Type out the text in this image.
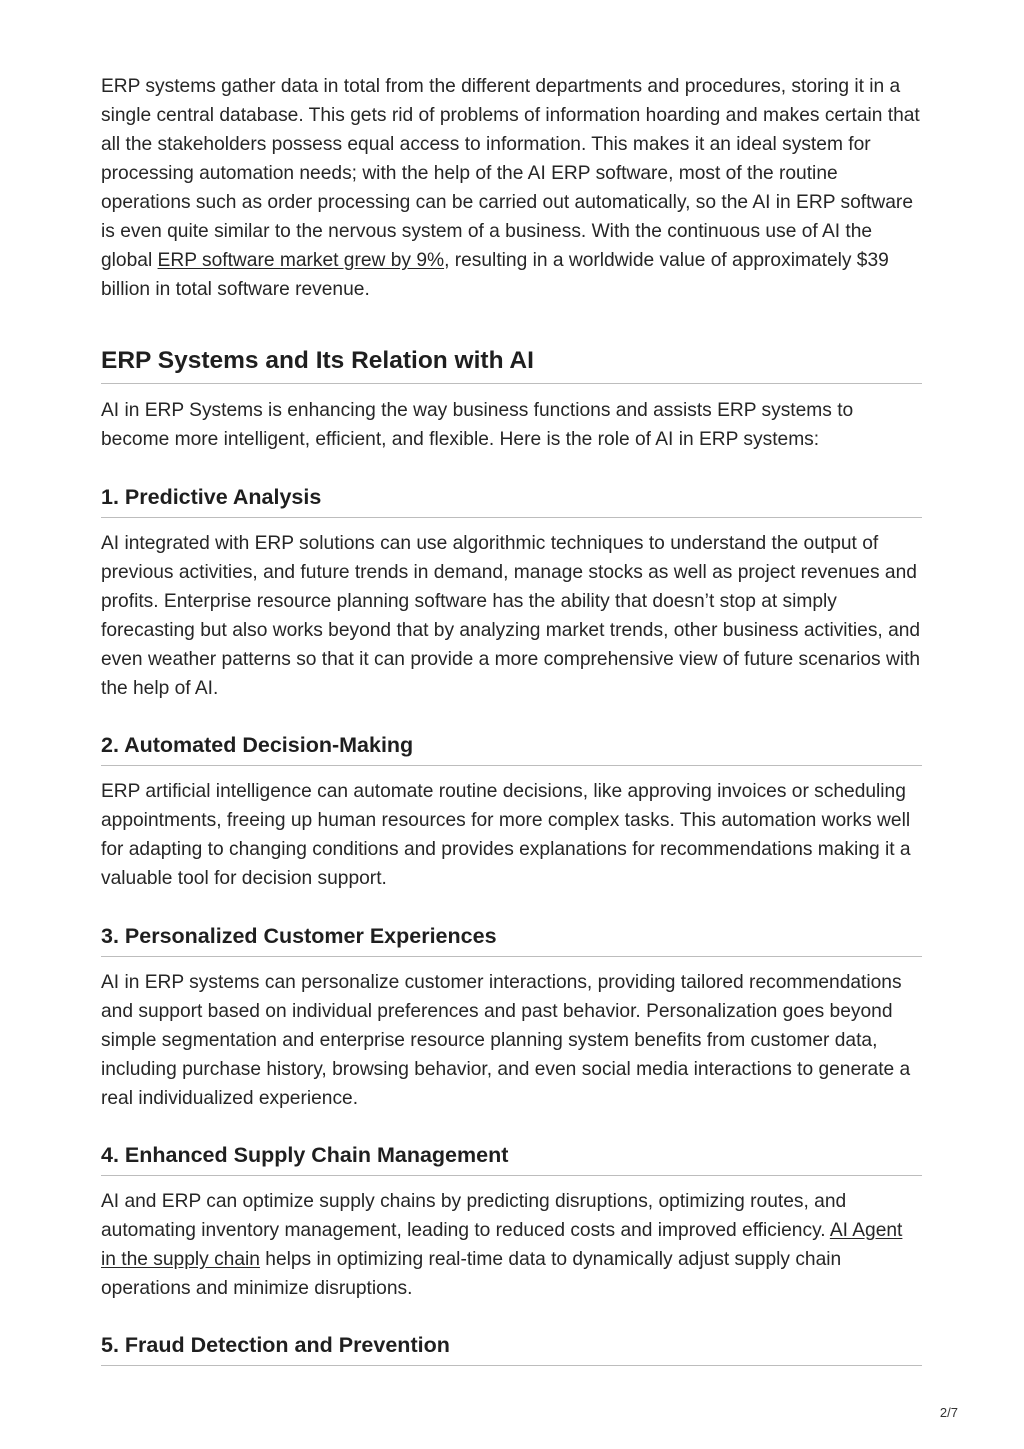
ERP systems gather data in total from the different departments and procedures, storing it in a single central database. This gets rid of problems of information hoarding and makes certain that all the stakeholders possess equal access to information. This makes it an ideal system for processing automation needs; with the help of the AI ERP software, most of the routine operations such as order processing can be carried out automatically, so the AI in ERP software is even quite similar to the nervous system of a business. With the continuous use of AI the global ERP software market grew by 9%, resulting in a worldwide value of approximately $39 billion in total software revenue.

ERP Systems and Its Relation with AI

AI in ERP Systems is enhancing the way business functions and assists ERP systems to become more intelligent, efficient, and flexible. Here is the role of AI in ERP systems:

1. Predictive Analysis

AI integrated with ERP solutions can use algorithmic techniques to understand the output of previous activities, and future trends in demand, manage stocks as well as project revenues and profits. Enterprise resource planning software has the ability that doesn’t stop at simply forecasting but also works beyond that by analyzing market trends, other business activities, and even weather patterns so that it can provide a more comprehensive view of future scenarios with the help of AI.

2. Automated Decision-Making

ERP artificial intelligence can automate routine decisions, like approving invoices or scheduling appointments, freeing up human resources for more complex tasks. This automation works well for adapting to changing conditions and provides explanations for recommendations making it a valuable tool for decision support.

3. Personalized Customer Experiences

AI in ERP systems can personalize customer interactions, providing tailored recommendations and support based on individual preferences and past behavior. Personalization goes beyond simple segmentation and enterprise resource planning system benefits from customer data, including purchase history, browsing behavior, and even social media interactions to generate a real individualized experience.

4. Enhanced Supply Chain Management

AI and ERP can optimize supply chains by predicting disruptions, optimizing routes, and automating inventory management, leading to reduced costs and improved efficiency. AI Agent in the supply chain helps in optimizing real-time data to dynamically adjust supply chain operations and minimize disruptions.

5. Fraud Detection and Prevention
2/7
